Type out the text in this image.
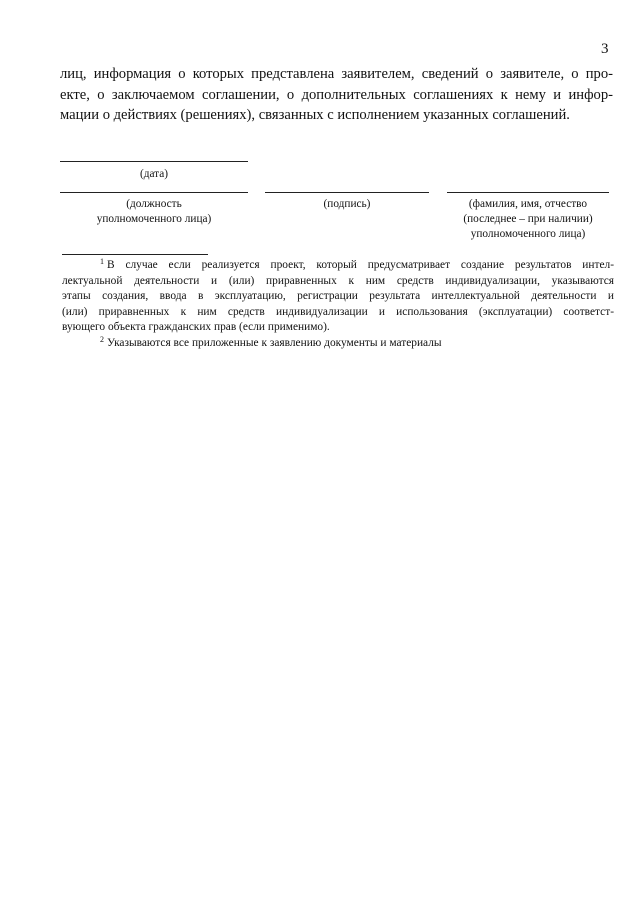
3
лиц, информация о которых представлена заявителем, сведений о заявителе, о про-
екте, о заключаемом соглашении, о дополнительных соглашениях к нему и инфор-
мации о действиях (решениях), связанных с исполнением указанных соглашений.
(дата)
(должность
уполномоченного лица)
(подпись)	(фамилия, имя, отчество
(последнее – при наличии)
уполномоченного лица)
$^1$ В случае если реализуется проект, который предусматривает создание результатов интел-
лектуальной деятельности и (или) приравненных к ним средств индивидуализации, указываются
этапы создания, ввода в эксплуатацию, регистрации результата интеллектуальной деятельности и
(или) приравненных к ним средств индивидуализации и использования (эксплуатации) соответст-
вующего объекта гражданских прав (если применимо).
$^2$ Указываются все приложенные к заявлению документы и материалы
